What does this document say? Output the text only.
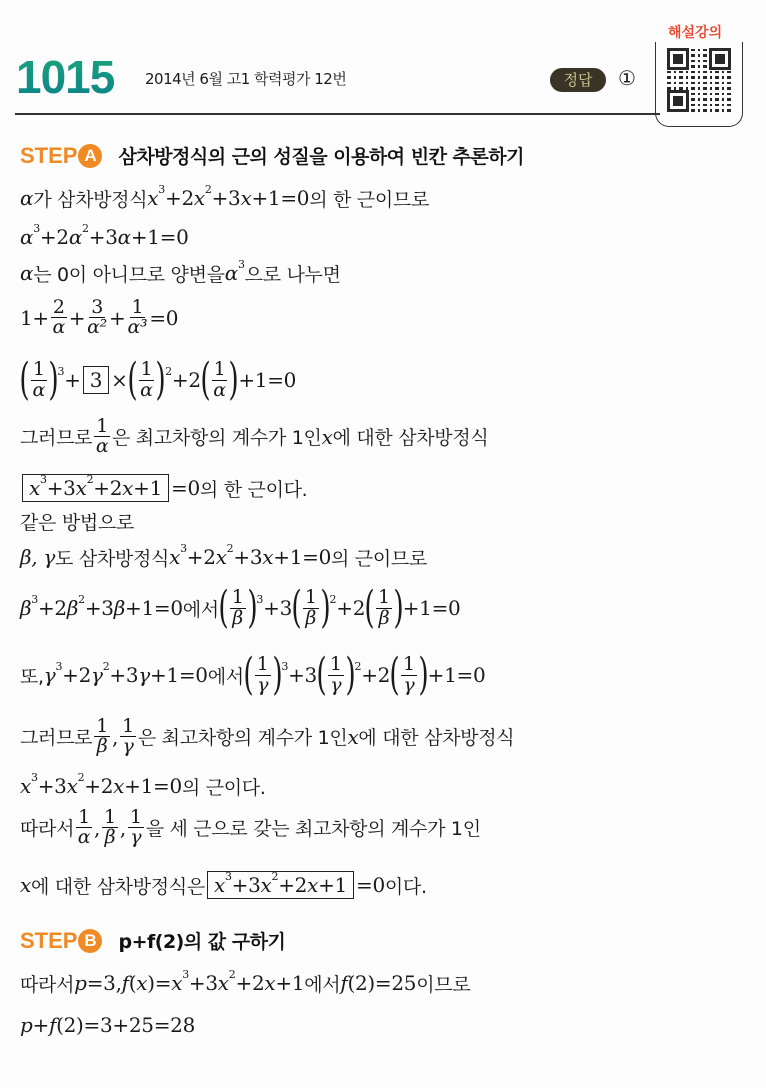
1015 2014년 6월 고1 학력평가 12번	정답	①
해설강의
STEP A	삼차방정식의 근의 성질을 이용하여 빈칸 추론하기
STEP B	p+f(2)의 값 구하기
α 가 삼차방정식 x 3 +2 x 2 +3 x +1=0 의 한 근이므로
α 3 +2 α 2 +3 α +1=0
α 는 0이 아니므로 양변을 α 3 으로 나누면
$1+ \frac{2}{\alpha} + \frac{3}{\text{α²}} + \frac{1}{\text{α³}} =0$
( $\frac{1}{\alpha}$ ) 3 + 3 × ( $\frac{1}{\alpha}$ ) 2 +2 ( $\frac{1}{\alpha}$ ) +1=0
그러므로 $\frac{1}{\alpha}$ 은 최고차항의 계수가 1인 x 에 대한 삼차방정식
x 3 +3 x 2 +2 x +1 =0 의 한 근이다.
같은 방법으로
β, γ 도 삼차방정식 x 3 +2 x 2 +3 x +1=0 의 근이므로
β 3 +2 β 2 +3 β +1=0 에서 ( $\frac{1}{\beta}$ ) 3 +3 ( $\frac{1}{\beta}$ ) 2 +2 ( $\frac{1}{\beta}$ ) +1=0
또, γ 3 +2 γ 2 +3 γ +1=0 에서 ( $\frac{1}{\gamma}$ ) 3 +3 ( $\frac{1}{\gamma}$ ) 2 +2 ( $\frac{1}{\gamma}$ ) +1=0
그러므로 $\frac{1}{\beta}$ , $\frac{1}{\gamma}$ 은 최고차항의 계수가 1인 x 에 대한 삼차방정식
x 3 +3 x 2 +2 x +1=0 의 근이다.
따라서 $\frac{1}{\alpha}$ , $\frac{1}{\beta}$ , $\frac{1}{\gamma}$ 을 세 근으로 갖는 최고차항의 계수가 1인
x 에 대한 삼차방정식은 x 3 +3 x 2 +2 x +1 =0 이다.
따라서 p =3, f ( x )= x 3 +3 x 2 +2 x +1 에서 f (2)=25 이므로
p + f (2)=3+25=28
